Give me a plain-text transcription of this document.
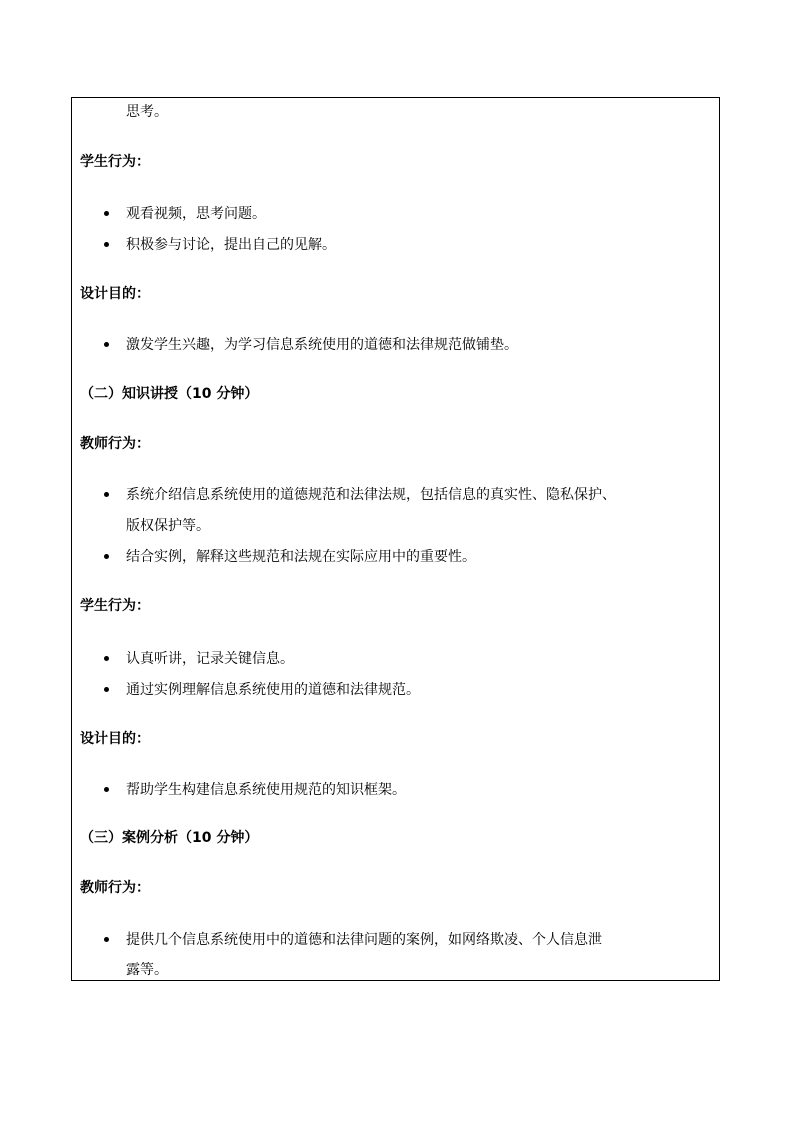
思考。
学生行为：
观看视频，思考问题。
积极参与讨论，提出自己的见解。
设计目的：
激发学生兴趣，为学习信息系统使用的道德和法律规范做铺垫。
（二）知识讲授（10 分钟）
教师行为：
系统介绍信息系统使用的道德规范和法律法规，包括信息的真实性、隐私保护、
版权保护等。
结合实例，解释这些规范和法规在实际应用中的重要性。
学生行为：
认真听讲，记录关键信息。
通过实例理解信息系统使用的道德和法律规范。
设计目的：
帮助学生构建信息系统使用规范的知识框架。
（三）案例分析（10 分钟）
教师行为：
提供几个信息系统使用中的道德和法律问题的案例，如网络欺凌、个人信息泄
露等。
